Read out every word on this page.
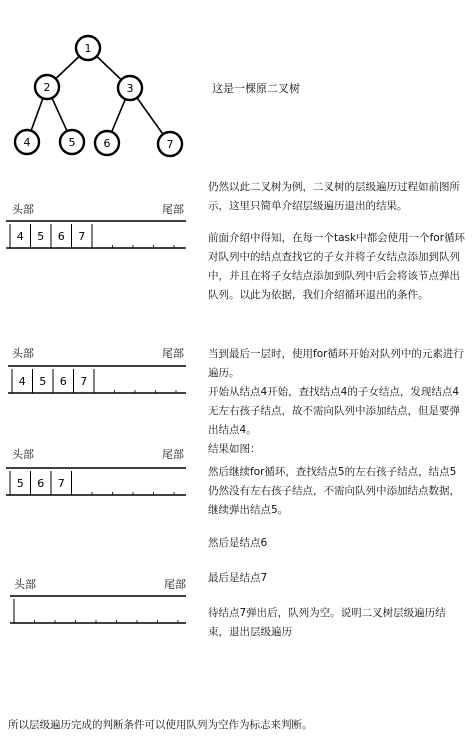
1
2	3
4	5	6	7
这是一棵原二叉树
头部	尾部
4 5 6 7
头部	尾部
4 5 6 7
头部	尾部
5 6 7
头部	尾部

仍然以此二叉树为例，二叉树的层级遍历过程如前图所示，这里只简单介绍层级遍历退出的结果。

前面介绍中得知，在每一个task中都会使用一个for循环对队列中的结点查找它的子女并将子女结点添加到队列中，并且在将子女结点添加到队列中后会将该节点弹出队列。以此为依据，我们介绍循环退出的条件。

当到最后一层时，使用for循环开始对队列中的元素进行遍历。

开始从结点4开始，查找结点4的子女结点，发现结点4无左右孩子结点，故不需向队列中添加结点，但是要弹出结点4。

结果如图：

然后继续for循环，查找结点5的左右孩子结点，结点5仍然没有左右孩子结点，不需向队列中添加结点数据，继续弹出结点5。

然后是结点6

最后是结点7

待结点7弹出后，队列为空。说明二叉树层级遍历结束，退出层级遍历

所以层级遍历完成的判断条件可以使用队列为空作为标志来判断。
